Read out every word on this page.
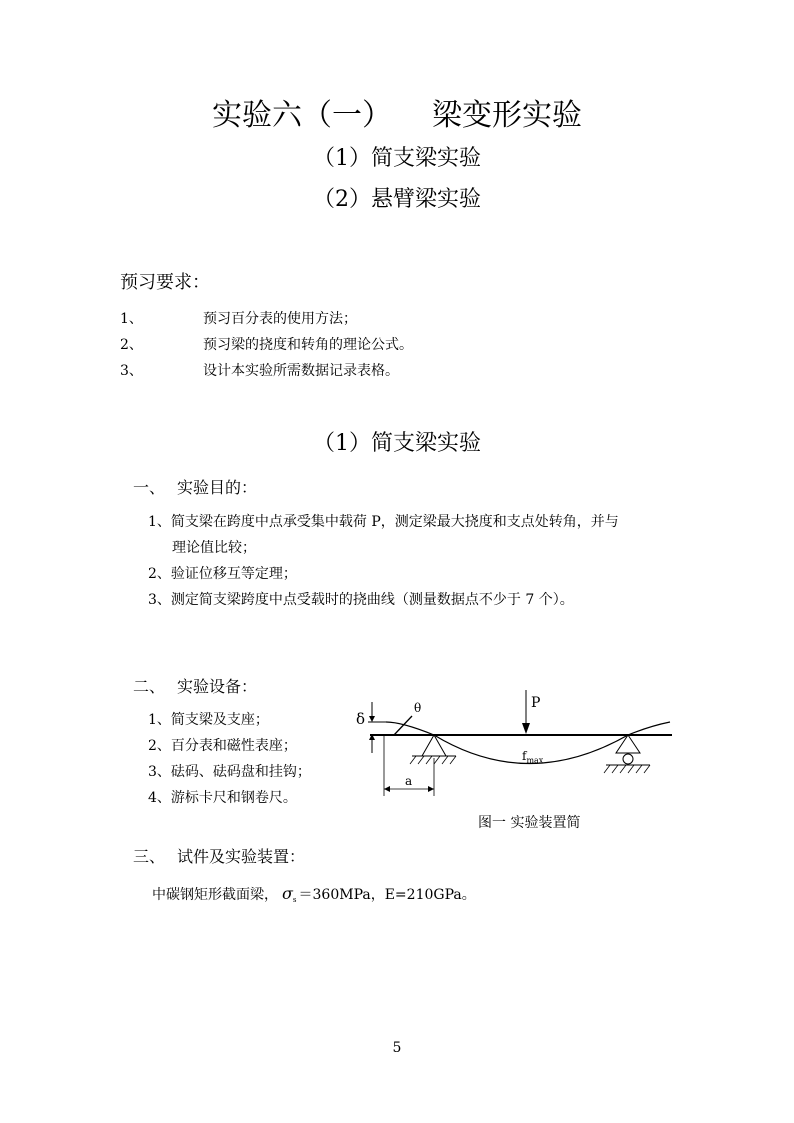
实验六（一） 梁变形实验
（1）简支梁实验
（2）悬臂梁实验
预习要求：
1、	预习百分表的使用方法；
2、	预习梁的挠度和转角的理论公式。
3、	设计本实验所需数据记录表格。
（1）简支梁实验
一、 实验目的：
1、简支梁在跨度中点承受集中载荷 P，测定梁最大挠度和支点处转角，并与
理论值比较；
2、验证位移互等定理；
3、测定简支梁跨度中点受载时的挠曲线（测量数据点不少于 7 个）。
二、 实验设备：
1、简支梁及支座；
2、百分表和磁性表座；
3、砝码、砝码盘和挂钩；
4、游标卡尺和钢卷尺。
δ
θ	P
$f_{max}$
a
图一 实验装置简
三、 试件及实验装置：
中碳钢矩形截面梁， $\sigma_s =360MPa$，E=210GPa。
5
